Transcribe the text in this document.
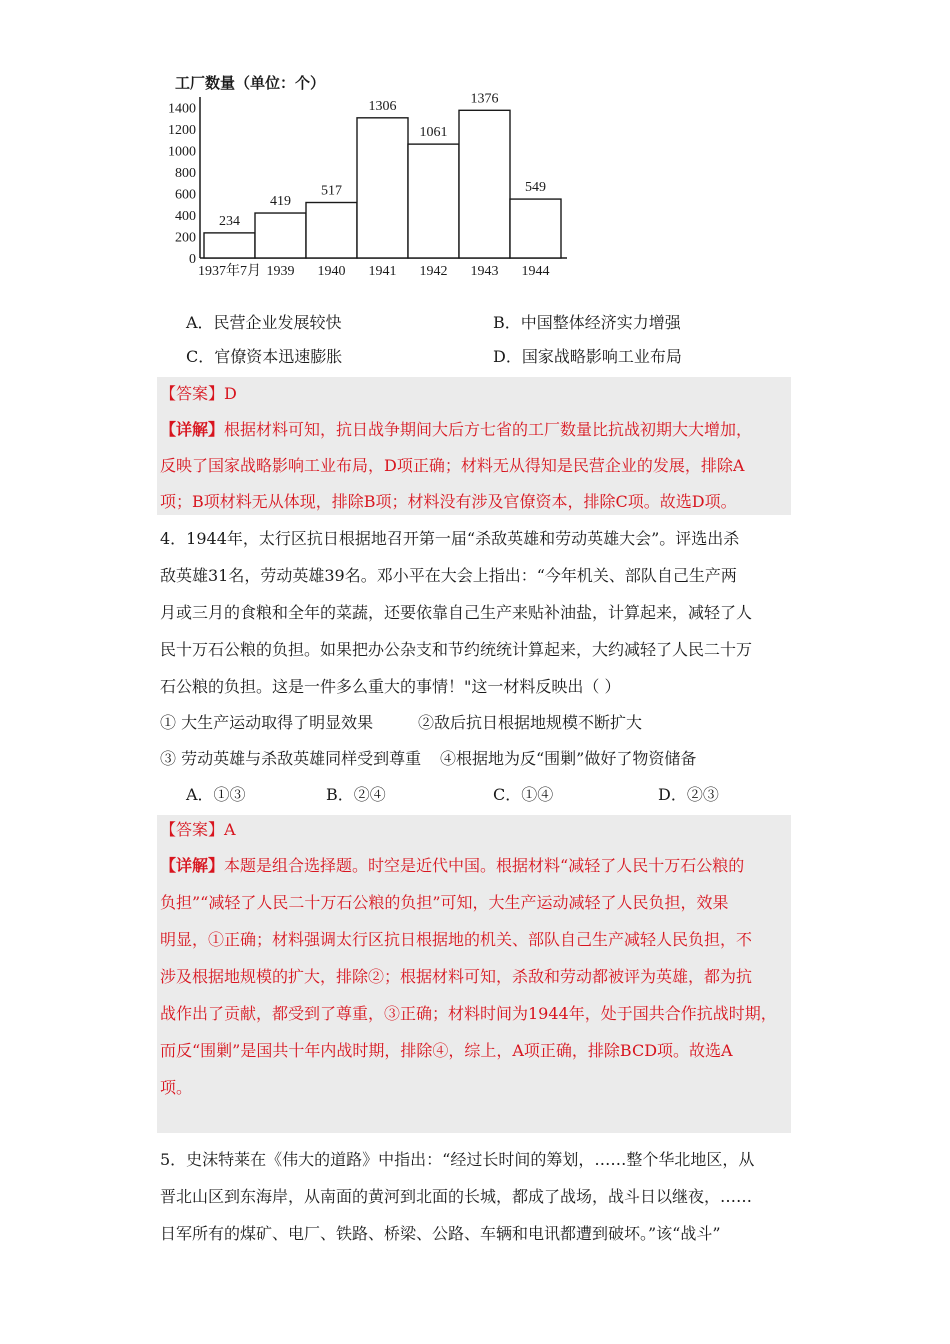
工厂数量（单位：个）
1400
1200
1000
800
600
400
200
0
234
419
517
1306
1061
1376
549
1937年7月 1939 1940 1941 1942 1943 1944
A．民营企业发展较快	B．中国整体经济实力增强
C．官僚资本迅速膨胀	D．国家战略影响工业布局
【答案】D
【详解】根据材料可知，抗日战争期间大后方七省的工厂数量比抗战初期大大增加，
反映了国家战略影响工业布局，D项正确；材料无从得知是民营企业的发展，排除A
项；B项材料无从体现，排除B项；材料没有涉及官僚资本，排除C项。故选D项。
4．1944年，太行区抗日根据地召开第一届“杀敌英雄和劳动英雄大会”。评选出杀
敌英雄31名，劳动英雄39名。邓小平在大会上指出：“今年机关、部队自己生产两
月或三月的食粮和全年的菜蔬，还要依靠自己生产来贴补油盐，计算起来，减轻了人
民十万石公粮的负担。如果把办公杂支和节约统统计算起来，大约减轻了人民二十万
石公粮的负担。这是一件多么重大的事情！"这一材料反映出（ ）
① 大生产运动取得了明显效果	②敌后抗日根据地规模不断扩大
③ 劳动英雄与杀敌英雄同样受到尊重 ④根据地为反“围剿”做好了物资储备
A．①③	B．②④	C．①④	D．②③
【答案】A
【详解】本题是组合选择题。时空是近代中国。根据材料“减轻了人民十万石公粮的
负担”“减轻了人民二十万石公粮的负担”可知，大生产运动减轻了人民负担，效果
明显，①正确；材料强调太行区抗日根据地的机关、部队自己生产减轻人民负担，不
涉及根据地规模的扩大，排除②；根据材料可知，杀敌和劳动都被评为英雄，都为抗
战作出了贡献，都受到了尊重，③正确；材料时间为1944年，处于国共合作抗战时期，
而反“围剿”是国共十年内战时期，排除④，综上，A项正确，排除BCD项。故选A
项。
5．史沫特莱在《伟大的道路》中指出：“经过长时间的筹划，……整个华北地区，从
晋北山区到东海岸，从南面的黄河到北面的长城，都成了战场，战斗日以继夜，……
日军所有的煤矿、电厂、铁路、桥梁、公路、车辆和电讯都遭到破坏。”该“战斗”
